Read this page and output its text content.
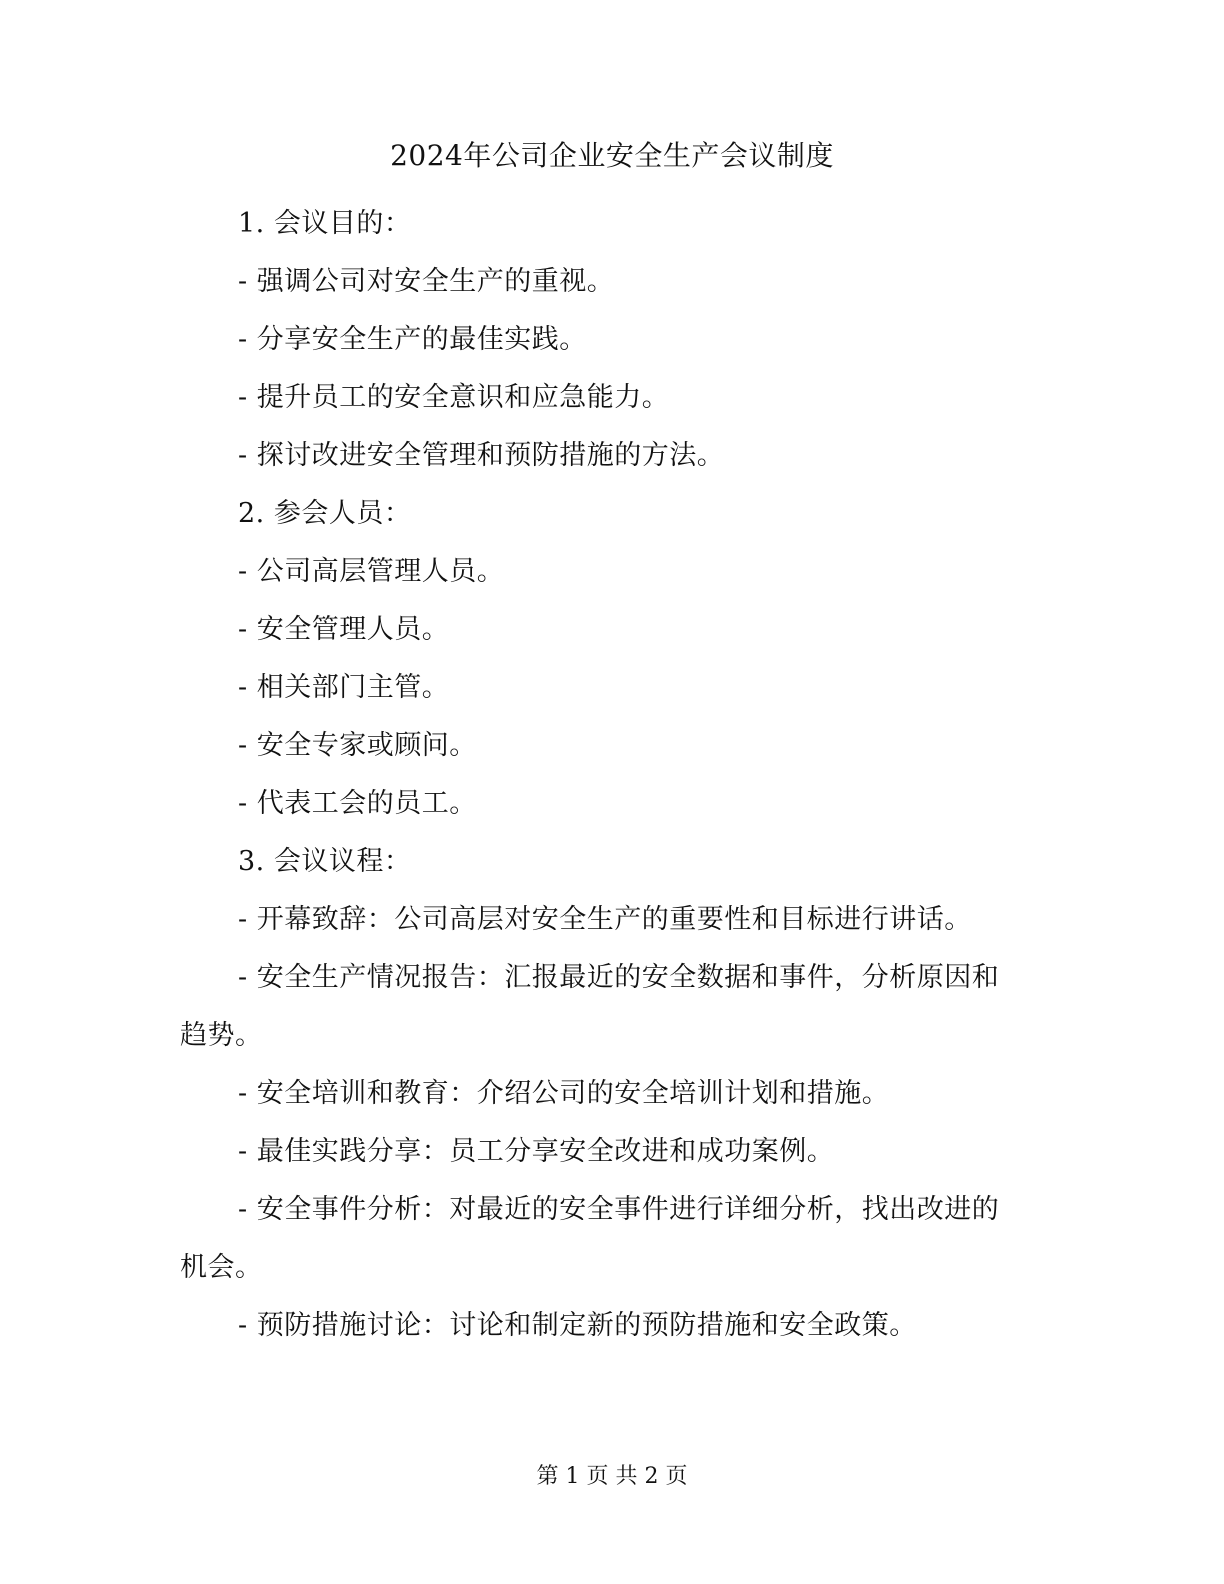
2024年公司企业安全生产会议制度

1. 会议目的：

- 强调公司对安全生产的重视。

- 分享安全生产的最佳实践。

- 提升员工的安全意识和应急能力。

- 探讨改进安全管理和预防措施的方法。

2. 参会人员：

- 公司高层管理人员。

- 安全管理人员。

- 相关部门主管。

- 安全专家或顾问。

- 代表工会的员工。

3. 会议议程：

- 开幕致辞：公司高层对安全生产的重要性和目标进行讲话。

- 安全生产情况报告：汇报最近的安全数据和事件，分析原因和趋势。

- 安全培训和教育：介绍公司的安全培训计划和措施。

- 最佳实践分享：员工分享安全改进和成功案例。

- 安全事件分析：对最近的安全事件进行详细分析，找出改进的机会。

- 预防措施讨论：讨论和制定新的预防措施和安全政策。

第 1 页 共 2 页
